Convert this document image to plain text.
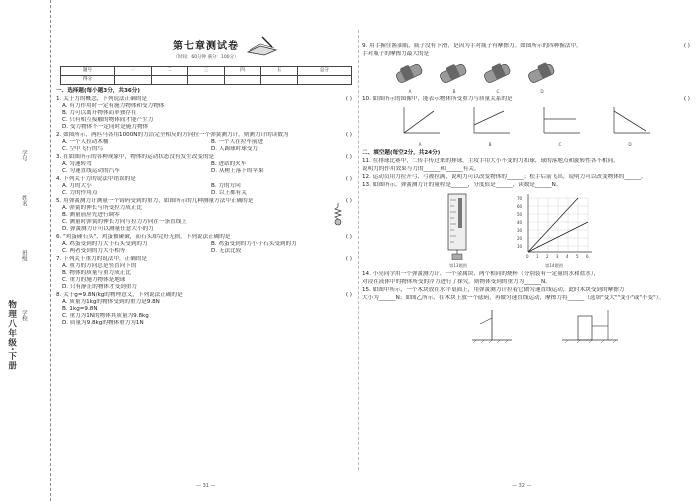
学号
姓名
班级
学校
物理八年级·下册
第七章测试卷
（时间：60分钟 满分：100分）
题号	一	二	三	四	五	总分
得分						
一、选择题(每小题3分，共36分)
( )
1. 关于力的概念，下列说法正确的是
A. 有力作用时一定有施力物体和受力物体
B. 力可以离开物体而单独存在
C. 只有相互接触的物体间才能产生力
D. 受力物体不一定同时是施力物体
( )
2. 如图所示，两匹马各用1000N的力沿完全相反的方向拉一个弹簧测力计，则测力计的读数为
A. 一个人拉动木桶	B. 一个人在拉车前进
C. 空中飞行的鸟	D. 人踢球时球受力
( )
3. 在如图所示的各种现象中，物体的运动状态没有发生改变的是
A. 匀速转弯	B. 进站的火车
C. 匀速直线运动的汽车	D. 从树上落下的苹果
( )
4. 下列关于力的说法中错误的是
A. 力的大小	B. 力的方向
C. 力的作用点	D. 以上都有关
( )
5. 用弹簧测力计测量一个钩码受到的重力，如图所示的几种测量方法中正确的是
A. 弹簧的伸长与所受拉力成正比
B. 测量前应先进行调零
C. 测量时弹簧的伸长方向与拉力方向在一条直线上
D. 弹簧测力计可以测量任意大小的力
( )
6. "鸡蛋碰石头"，鸡蛋被碰破，而石头却完好无损，下列说法正确的是
A. 鸡蛋受到的力大于石头受到的力	B. 鸡蛋受到的力小于石头受到的力
C. 两者受到的力大小相等	D. 无法比较
( )
7. 下列关于重力的说法中，正确的是
A. 重力的方向总是竖直向下的
B. 物体的质量与重力成正比
C. 重力的施力物体是地球
D. 只有静止的物体才受到重力
( )
8. 关于g=9.8N/kg的物理意义，下列说法正确的是
A. 质量为1kg的物体受到的重力是9.8N
B. 1kg=9.8N
C. 重力为1N的物体其质量为9.8kg
D. 质量为9.8kg的物体重力为1N
— 31 —
( )
9. 用手握住酱油瓶，瓶子没有下滑，是因为手对瓶子有摩擦力。如图所示的四种握法中，
手对瓶子的摩擦力最大的是
A	B	C	D
( )
10. 如图所示的图像中，能表示物体所受重力与质量关系的是
A	B	C	D
二、填空题(每空2分，共24分)
11. 在排球比赛中，二传手传过来的排球，主攻手用大小不变的力扣球，球的落地点和旋转性各不相同，
说明力的作用效果与力的______和______有关。
12. 运动员用力拉开弓，弓被拉满，说明力可以改变物体的______；松手后箭飞出，说明力可以改变物体的______。
13. 如图所示，弹簧测力计的量程是______，分度值是______，读数是______N。
第13题图
70
60
50
40
30
20
10
0 1 2 3 4 5 6
第14题图
14. 小亮同学用一个弹簧测力计、一个金属块、两个相同的烧杯（分别装有一定量的水和盐水），
对浸在液体中的物体所受的浮力进行了探究。则物体受到的重力为______N。
15. 如图甲所示，一个木块放在水平桌面上，用弹簧测力计拉着它做匀速直线运动，此时木块受到的摩擦力
大小为______N；如图乙所示，在木块上放一个砝码，再做匀速直线运动，摩擦力将______（选填"变大""变小"或"不变"）。
— 32 —
